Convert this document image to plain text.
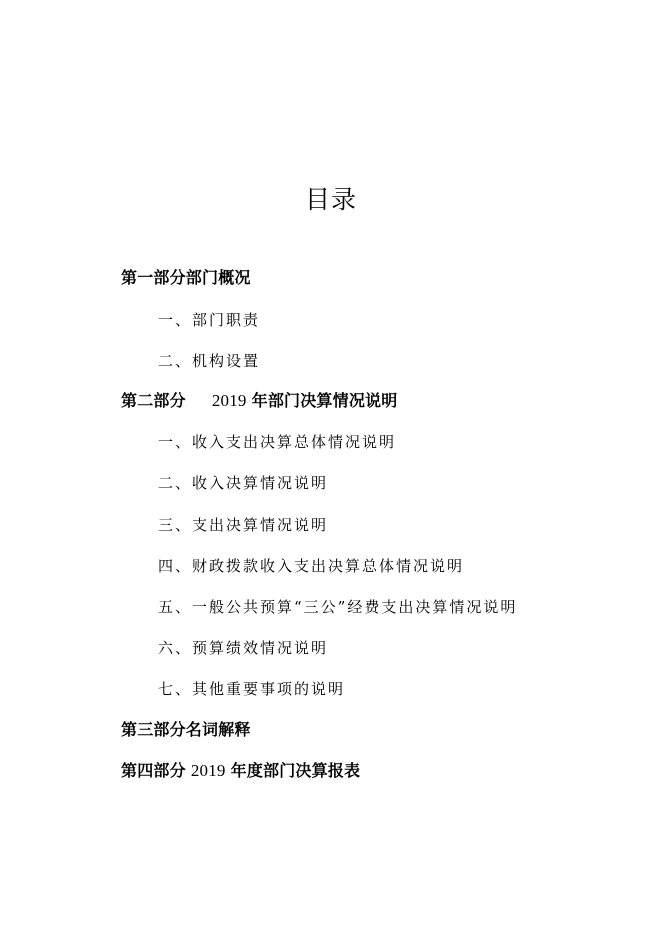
目录
第一部分部门概况
一、部门职责
二、机构设置
第二部分 2019 年部门决算情况说明
一、收入支出决算总体情况说明
二、收入决算情况说明
三、支出决算情况说明
四、财政拨款收入支出决算总体情况说明
五、一般公共预算“三公”经费支出决算情况说明
六、预算绩效情况说明
七、其他重要事项的说明
第三部分名词解释
第四部分 2019 年度部门决算报表
